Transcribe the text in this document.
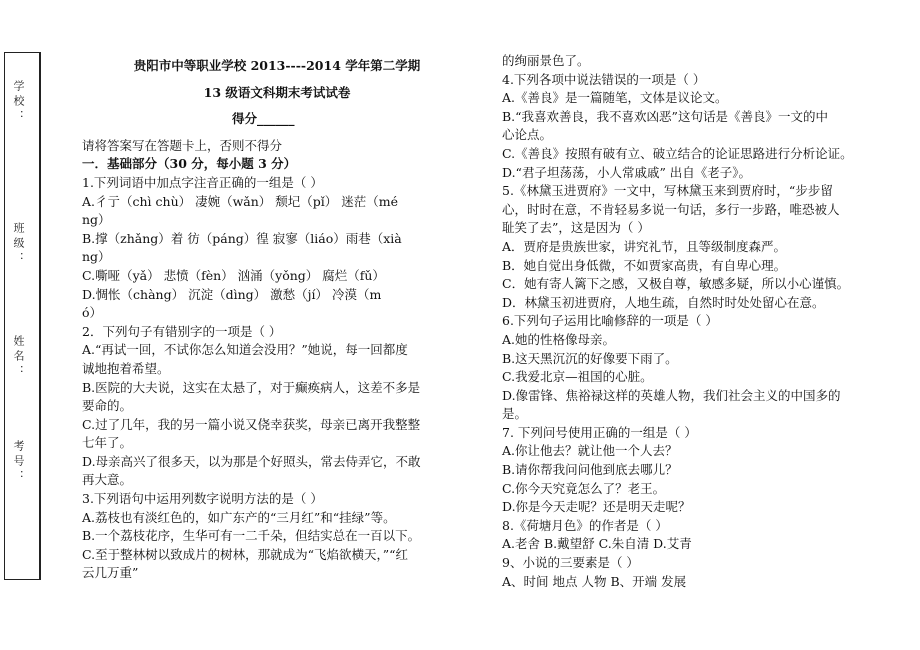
学校：
班级：
姓名：
考号：

贵阳市中等职业学校 2013----2014 学年第二学期

13 级语文科期末考试试卷

得分______

请将答案写在答题卡上，否则不得分

一．基础部分（30 分，每小题 3 分）

1.下列词语中加点字注音正确的一组是（ ）

A.彳亍（chì chù） 凄婉（wǎn） 颓圮（pǐ） 迷茫（mé

ng）

B.撑（zhǎng）着 彷（páng）徨 寂寥（liáo）雨巷（xià

ng）

C.嘶哑（yǎ） 悲愤（fèn） 汹涌（yǒng） 腐烂（fǔ）

D.惆怅（chàng） 沉淀（dìng） 激愁（jí） 冷漠（m

ó）

2．下列句子有错别字的一项是（ ）

A.“再试一回，不试你怎么知道会没用？”她说，每一回都度

诚地抱着希望。

B.医院的大夫说，这实在太悬了，对于癫痪病人，这差不多是

要命的。

C.过了几年，我的另一篇小说又侥幸获奖，母亲已离开我整整

七年了。

D.母亲高兴了很多天，以为那是个好照头，常去侍弄它，不敢

再大意。

3.下列语句中运用列数字说明方法的是（ ）

A.荔枝也有淡红色的，如广东产的“三月红”和“挂绿”等。

B.一个荔枝花序，生华可有一二千朵，但结实总在一百以下。

C.至于整林树以致成片的树林，那就成为“飞焰欲横天，”“红

云几万重”

的绚丽景色了。

4.下列各项中说法错误的一项是（ ）

A.《善良》是一篇随笔，文体是议论文。

B.“我喜欢善良，我不喜欢凶恶”这句话是《善良》一文的中

心论点。

C.《善良》按照有破有立、破立结合的论证思路进行分析论证。

D.“君子坦荡荡，小人常戚戚” 出自《老子》。

5.《林黛玉进贾府》一文中，写林黛玉来到贾府时，“步步留

心，时时在意，不肯轻易多说一句话，多行一步路，唯恐被人

耻笑了去”，这是因为（ ）

A．贾府是贵族世家，讲究礼节，且等级制度森严。

B．她自觉出身低微，不如贾家高贵，有自卑心理。

C．她有寄人篱下之感，又极自尊，敏感多疑，所以小心谨慎。

D．林黛玉初进贾府，人地生疏，自然时时处处留心在意。

6.下列句子运用比喻修辞的一项是（ ）

A.她的性格像母亲。

B.这天黑沉沉的好像要下雨了。

C.我爱北京—祖国的心脏。

D.像雷锋、焦裕禄这样的英雄人物，我们社会主义的中国多的

是。

7. 下列问号使用正确的一组是（ ）

A.你让他去？就让他一个人去？

B.请你帮我问问他到底去哪儿？

C.你今天究竟怎么了？老王。

D.你是今天走呢？还是明天走呢？

8.《荷塘月色》的作者是（ ）

A.老舍 B.戴望舒 C.朱自清 D.艾青

9、小说的三要素是（ ）

A、时间 地点 人物 B、开端 发展
